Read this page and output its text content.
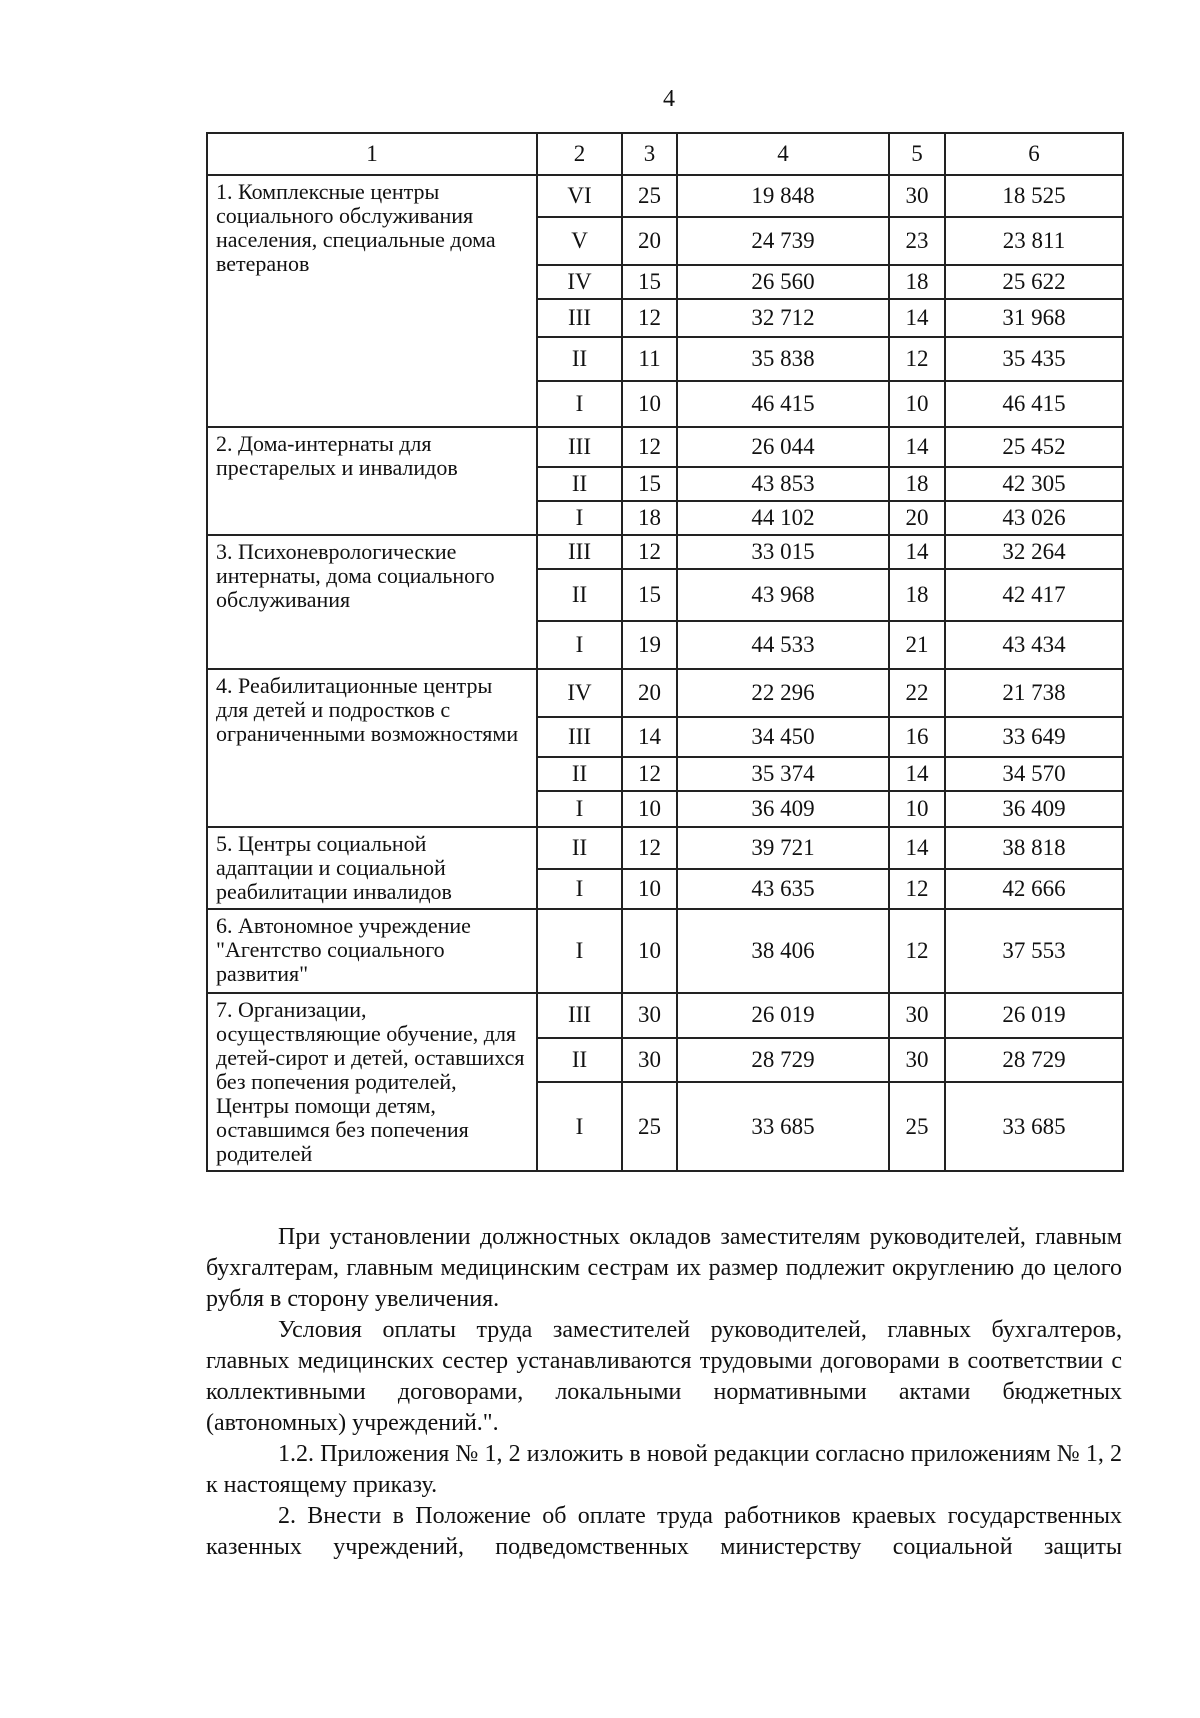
4
1	2	3	4	5	6
1. Комплексные центры социального обслуживания населения, специальные дома ветеранов	VI	25	19 848	30	18 525
	V	20	24 739	23	23 811
	IV	15	26 560	18	25 622
	III	12	32 712	14	31 968
	II	11	35 838	12	35 435
	I	10	46 415	10	46 415
2. Дома-интернаты для престарелых и инвалидов	III	12	26 044	14	25 452
	II	15	43 853	18	42 305
	I	18	44 102	20	43 026
3. Психоневрологические интернаты, дома социального обслуживания	III	12	33 015	14	32 264
	II	15	43 968	18	42 417
	I	19	44 533	21	43 434
4. Реабилитационные центры для детей и подростков с ограниченными возможностями	IV	20	22 296	22	21 738
	III	14	34 450	16	33 649
	II	12	35 374	14	34 570
	I	10	36 409	10	36 409
5. Центры социальной адаптации и социальной реабилитации инвалидов	II	12	39 721	14	38 818
	I	10	43 635	12	42 666
6. Автономное учреждение "Агентство социального развития"	I	10	38 406	12	37 553
7. Организации, осуществляющие обучение, для детей-сирот и детей, оставшихся без попечения родителей, Центры помощи детям, оставшимся без попечения родителей	III	30	26 019	30	26 019
	II	30	28 729	30	28 729
	I	25	33 685	25	33 685

При установлении должностных окладов заместителям руководителей, главным бухгалтерам, главным медицинским сестрам их размер подлежит округлению до целого рубля в сторону увеличения.

Условия оплаты труда заместителей руководителей, главных бухгалтеров, главных медицинских сестер устанавливаются трудовыми договорами в соответствии с коллективными договорами, локальными нормативными актами бюджетных (автономных) учреждений.".

1.2. Приложения № 1, 2 изложить в новой редакции согласно приложениям № 1, 2 к настоящему приказу.

2. Внести в Положение об оплате труда работников краевых государственных казенных учреждений, подведомственных министерству социальной защиты
